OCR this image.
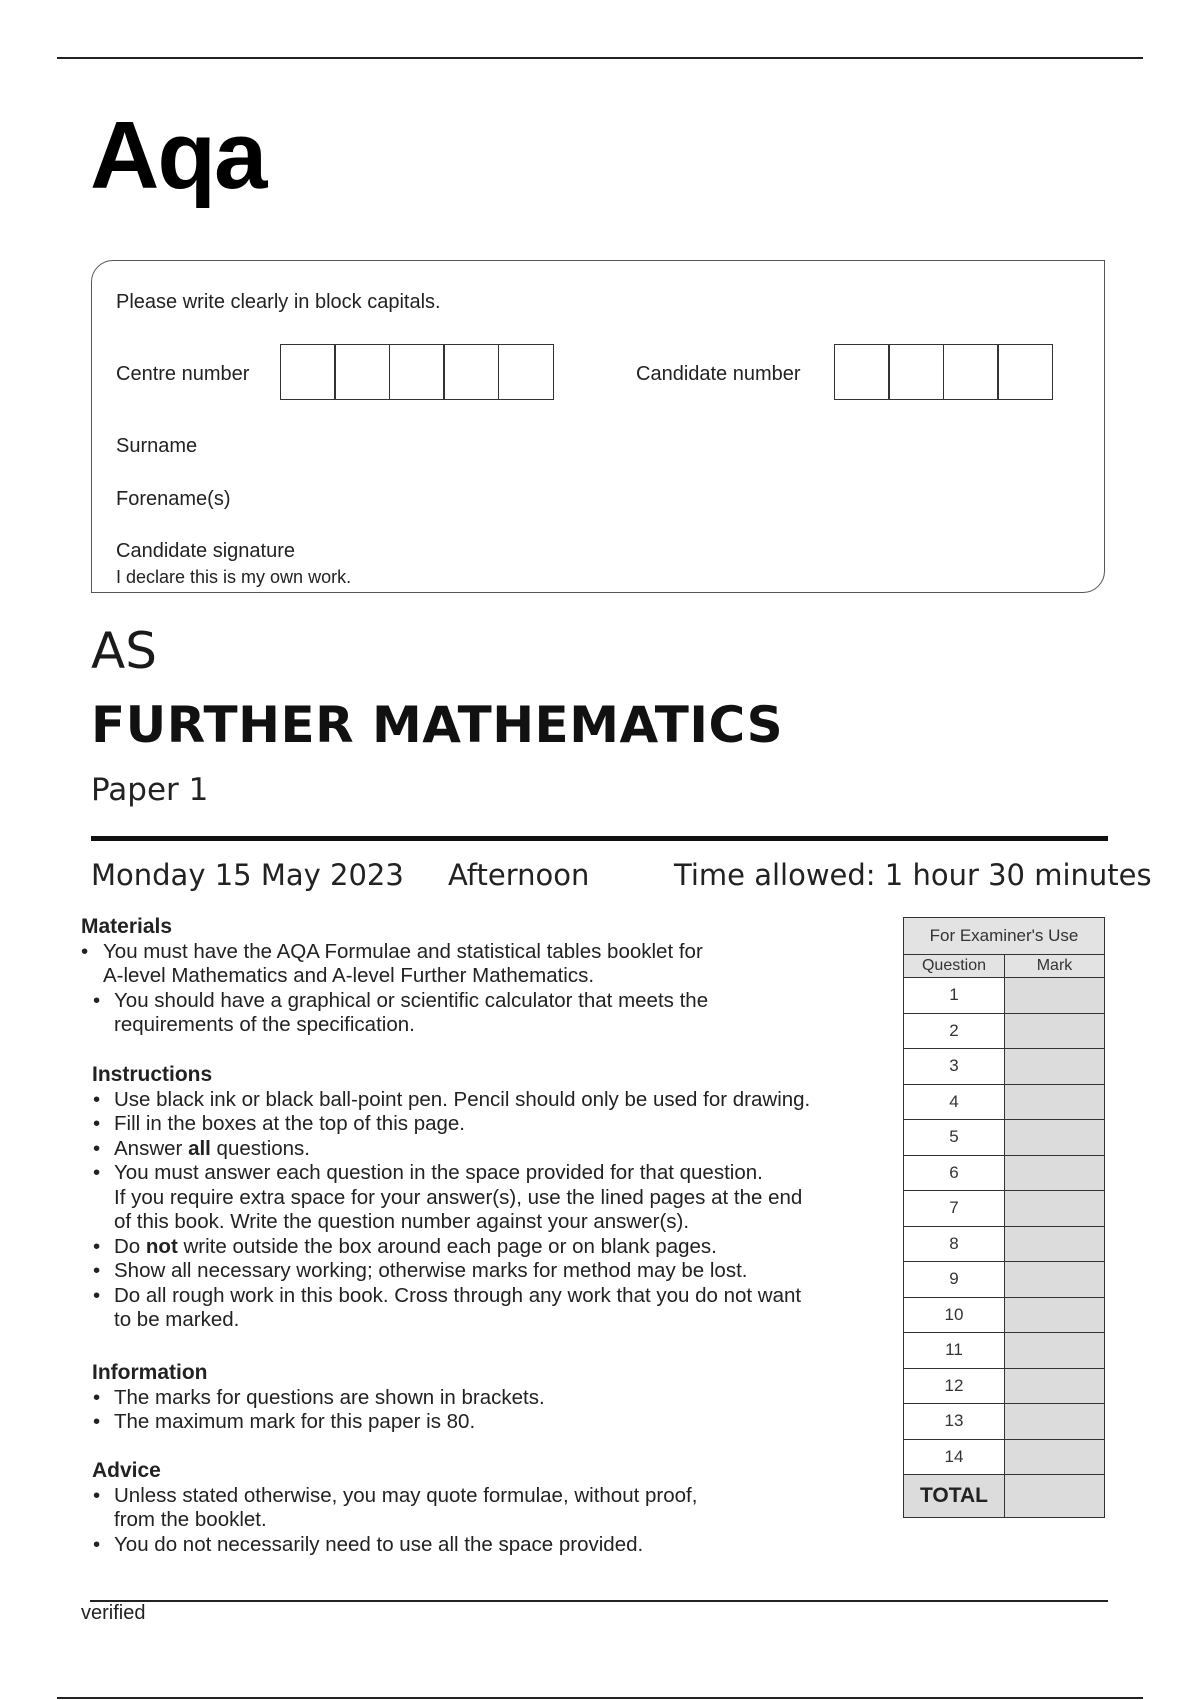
Aqa
Please write clearly in block capitals.
Centre number	Candidate number
Surname
Forename(s)
Candidate signature
I declare this is my own work.
AS
FURTHER MATHEMATICS
Paper 1
Monday 15 May 2023 Afternoon	Time allowed: 1 hour 30 minutes
Materials
• You must have the AQA Formulae and statistical tables booklet for
A-level Mathematics and A-level Further Mathematics.
• You should have a graphical or scientific calculator that meets the
requirements of the specification.
Instructions
• Use black ink or black ball-point pen. Pencil should only be used for drawing.
• Fill in the boxes at the top of this page.
• Answer all questions.
• You must answer each question in the space provided for that question.
If you require extra space for your answer(s), use the lined pages at the end
of this book. Write the question number against your answer(s).
• Do not write outside the box around each page or on blank pages.
• Show all necessary working; otherwise marks for method may be lost.
• Do all rough work in this book. Cross through any work that you do not want
to be marked.
Information
• The marks for questions are shown in brackets.
• The maximum mark for this paper is 80.
Advice
• Unless stated otherwise, you may quote formulae, without proof,
from the booklet.
• You do not necessarily need to use all the space provided.
For Examiner's Use	
Question	Mark
1	
2	
3	
4	
5	
6	
7	
8	
9	
10	
11	
12	
13	
14	
TOTAL	
verified
